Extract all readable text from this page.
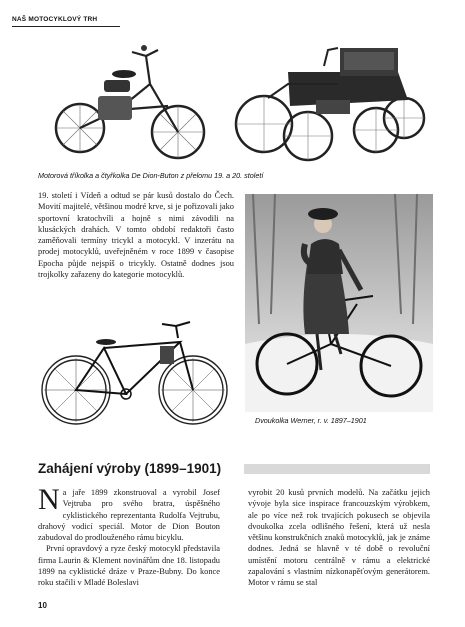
NAŠ MOTOCYKLOVÝ TRH
Motorová tříkolka a čtyřkolka De Dion-Buton z přelomu 19. a 20. století

19. století i Vídeň a odtud se pár kusů dostalo do Čech. Movití majitelé, většinou modré krve, si je pořizovali jako sportovní kratochvíli a hojně s nimi závodili na klusáckých drahách. V tomto období redaktoři často zaměňovali termíny tricykl a motocykl. V inzerátu na prodej motocyklů, uveřejněném v roce 1899 v časopise Epocha půjde nejspíš o tricykly. Ostatně dodnes jsou trojkolky zařazeny do kategorie motocyklů.

Dvoukolka Werner, r. v. 1897–1901
Zahájení výroby (1899–1901)

Na jaře 1899 zkonstruoval a vyrobil Josef Vejtruba pro svého bratra, úspěšného cyklistického reprezentanta Rudolfa Vejtrubu, drahový vodicí speciál. Motor de Dion Bouton zabudoval do prodlouženého rámu bicyklu.

První opravdový a ryze český motocykl představila firma Laurin & Klement novinářům dne 18. listopadu 1899 na cyklistické dráze v Praze-Bubny. Do konce roku stačili v Mladé Boleslavi

vyrobit 20 kusů prvních modelů. Na začátku jejich vývoje byla sice inspirace francouzským výrobkem, ale po více než rok trvajících pokusech se objevila dvoukolka zcela odlišného řešení, která už nesla většinu konstrukčních znaků motocyklů, jak je známe dodnes. Jedná se hlavně v té době o revoluční umístění motoru centrálně v rámu a elektrické zapalování s vlastním nízkonapěťovým generátorem. Motor v rámu se stal

10
